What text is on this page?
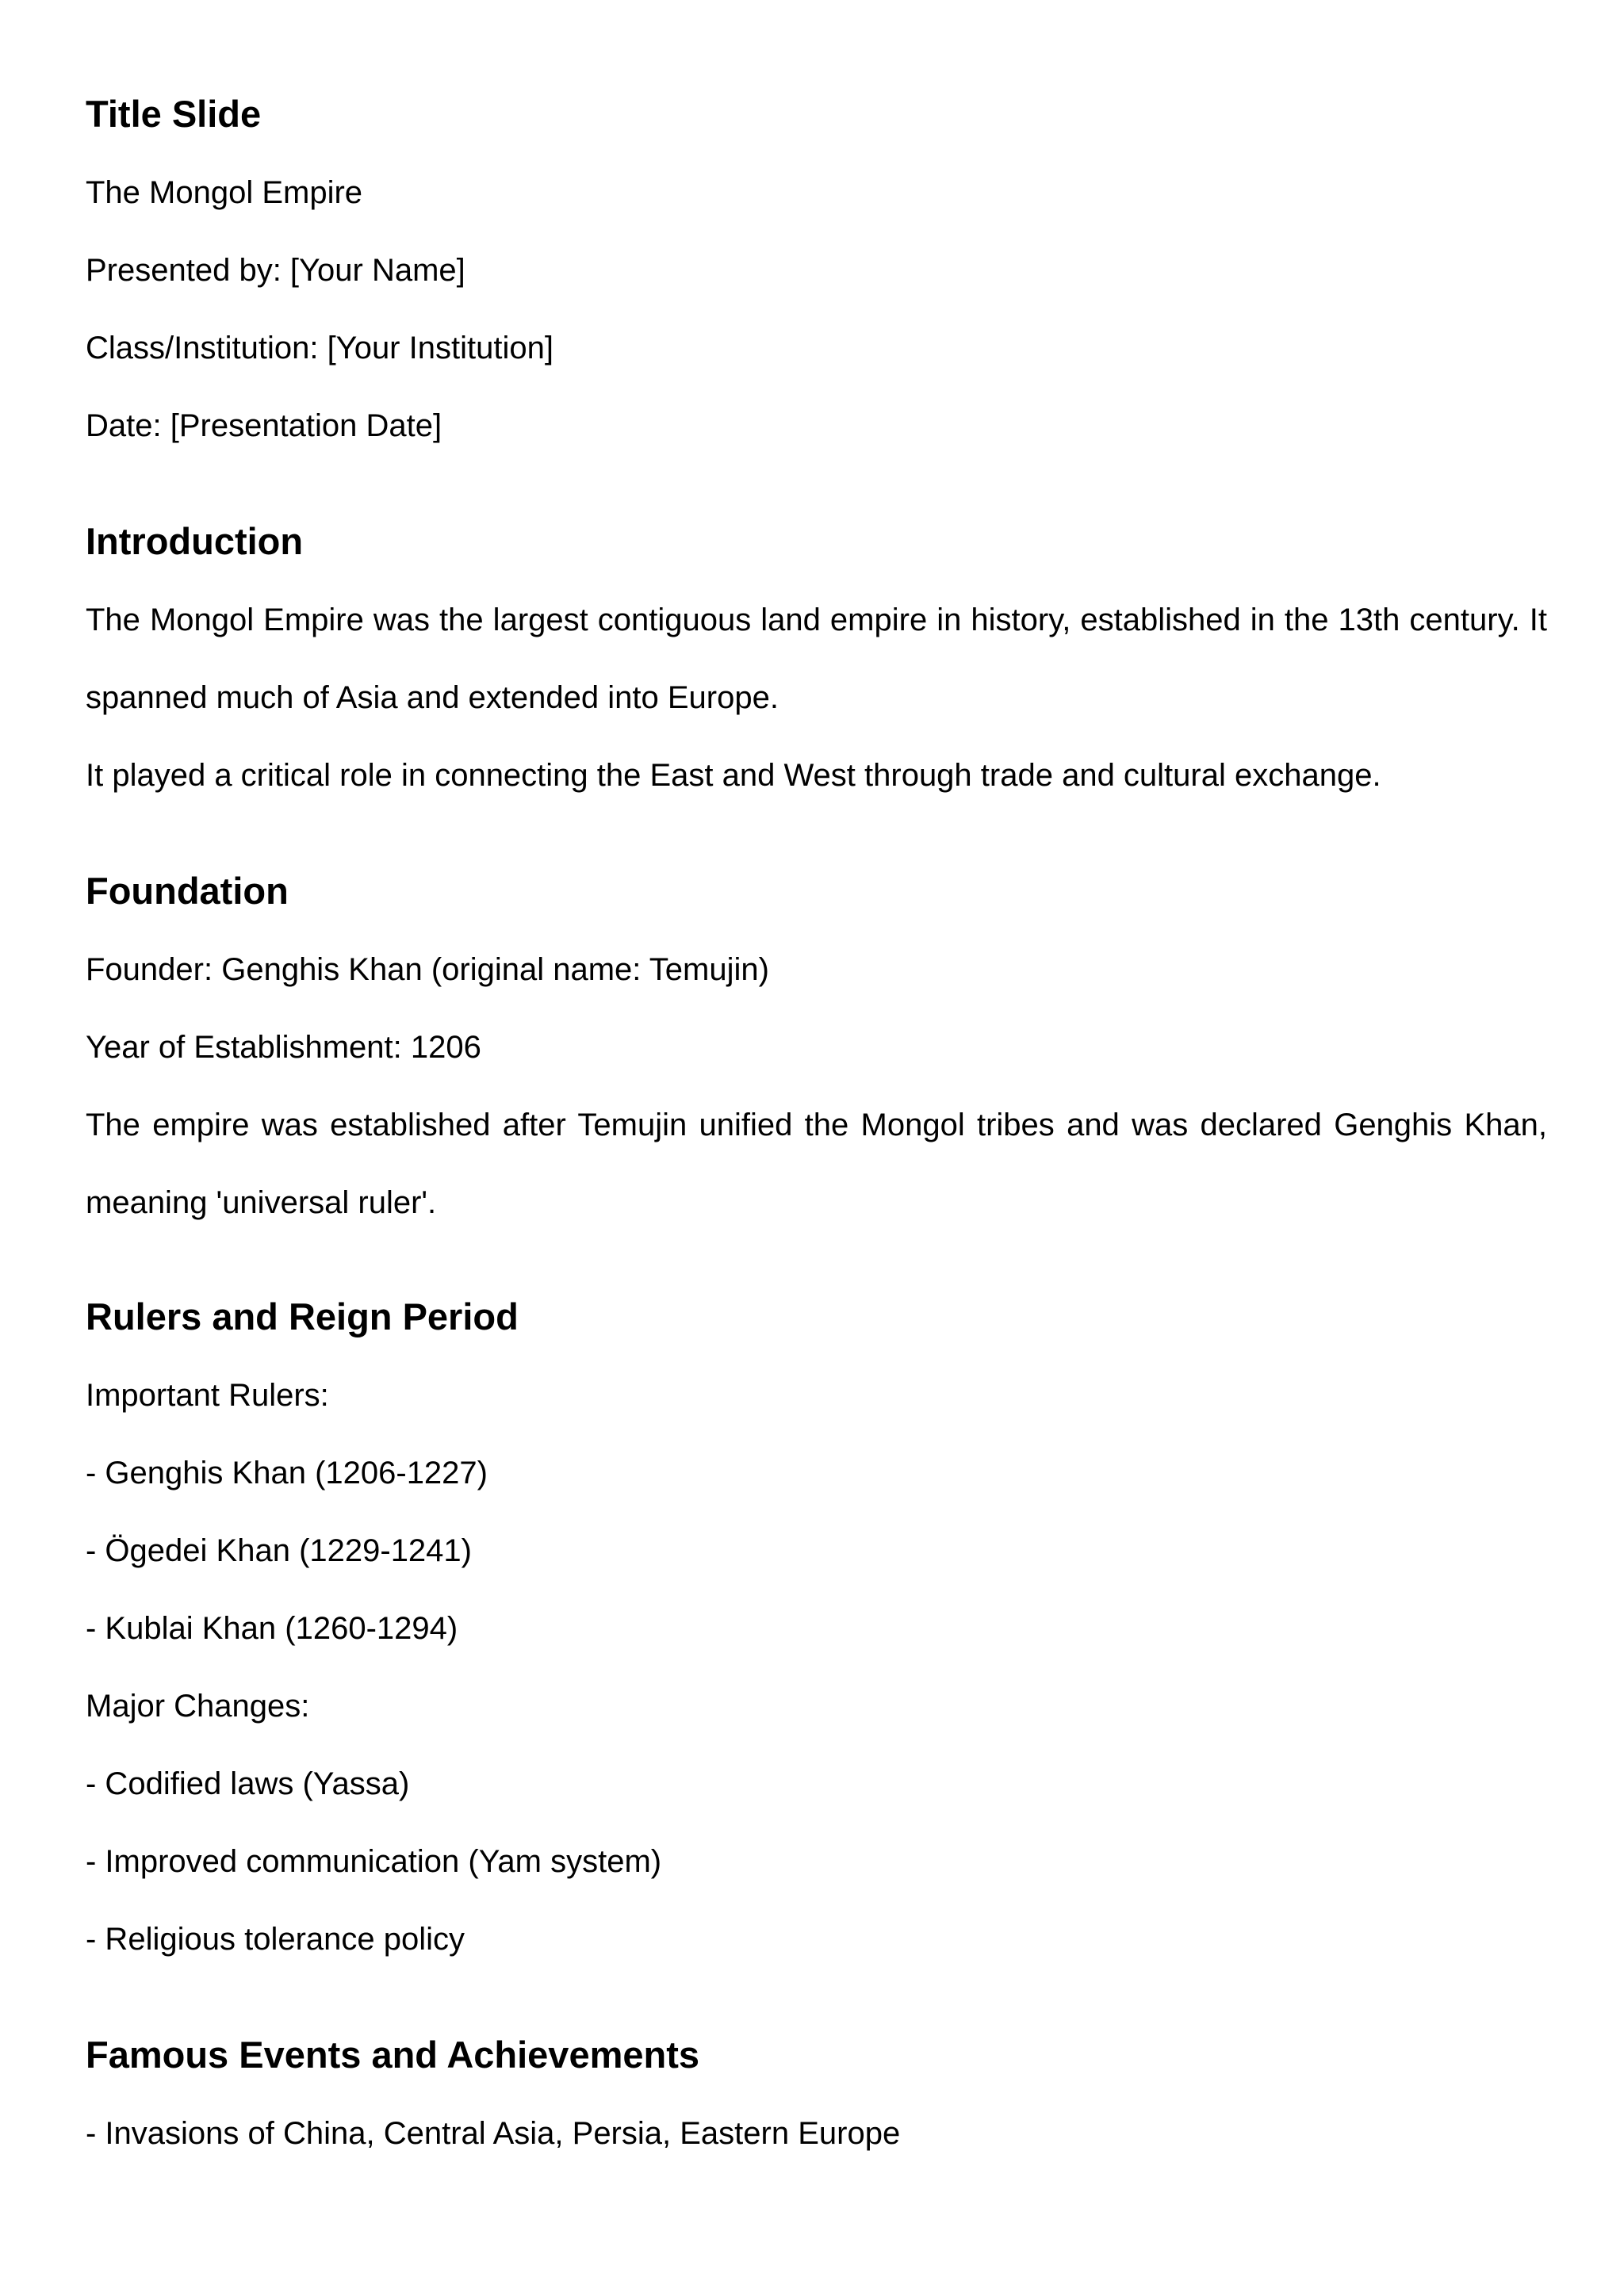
Title Slide

The Mongol Empire

Presented by: [Your Name]

Class/Institution: [Your Institution]

Date: [Presentation Date]

Introduction

The Mongol Empire was the largest contiguous land empire in history, established in the 13th century. It spanned much of Asia and extended into Europe.

It played a critical role in connecting the East and West through trade and cultural exchange.

Foundation

Founder: Genghis Khan (original name: Temujin)

Year of Establishment: 1206

The empire was established after Temujin unified the Mongol tribes and was declared Genghis Khan, meaning 'universal ruler'.

Rulers and Reign Period

Important Rulers:

- Genghis Khan (1206-1227)

- Ögedei Khan (1229-1241)

- Kublai Khan (1260-1294)

Major Changes:

- Codified laws (Yassa)

- Improved communication (Yam system)

- Religious tolerance policy

Famous Events and Achievements

- Invasions of China, Central Asia, Persia, Eastern Europe
